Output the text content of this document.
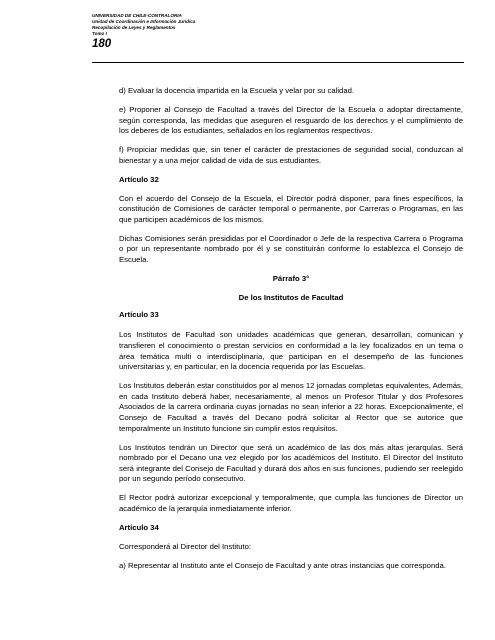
UNIVERSIDAD DE CHILE-CONTRALORIA
Unidad de Coordinación e Información Jurídica
Recopilación de Leyes y Reglamentos
Tomo I
180

d) Evaluar la docencia impartida en la Escuela y velar por su calidad.

e) Proponer al Consejo de Facultad a través del Director de la Escuela o adoptar directamente, según corresponda, las medidas que aseguren el resguardo de los derechos y el cumplimiento de los deberes de los estudiantes, señalados en los reglamentos respectivos.

f) Propiciar medidas que, sin tener el carácter de prestaciones de seguridad social, conduzcan al bienestar y a una mejor calidad de vida de sus estudiantes.

Artículo 32

Con el acuerdo del Consejo de la Escuela, el Director podrá disponer, para fines específicos, la constitución de Comisiones de carácter temporal o permanente, por Carreras o Programas, en las que participen académicos de los mismos.

Dichas Comisiones serán presididas por el Coordinador o Jefe de la respectiva Carrera o Programa o por un representante nombrado por él y se constituirán conforme lo establezca el Consejo de Escuela.

Párrafo 3°
De los Institutos de Facultad
Artículo 33

Los Institutos de Facultad son unidades académicas que generan, desarrollan, comunican y transfieren el conocimiento o prestan servicios en conformidad a la ley focalizados en un tema o área temática multi o interdisciplinaria, que participan en el desempeño de las funciones universitarias y, en particular, en la docencia requerida por las Escuelas.

Los Institutos deberán estar constituidos por al menos 12 jornadas completas equivalentes, Además, en cada Instituto deberá haber, necesariamente, al menos un Profesor Titular y dos Profesores Asociados de la carrera ordinaria cuyas jornadas no sean inferior a 22 horas. Excepcionalmente, el Consejo de Facultad a través del Decano podrá solicitar al Rector que se autorice que temporalmente un Instituto funcione sin cumplir estos requisitos.

Los Institutos tendrán un Director que será un académico de las dos más altas jerarquías. Será nombrado por el Decano una vez elegido por los académicos del Instituto. El Director del Instituto será integrante del Consejo de Facultad y durará dos años en sus funciones, pudiendo ser reelegido por un segundo período consecutivo.

El Rector podrá autorizar excepcional y temporalmente, que cumpla las funciones de Director un académico de la jerarquía inmediatamente inferior.

Artículo 34

Corresponderá al Director del Instituto:

a) Representar al Instituto ante el Consejo de Facultad y ante otras instancias que corresponda.
